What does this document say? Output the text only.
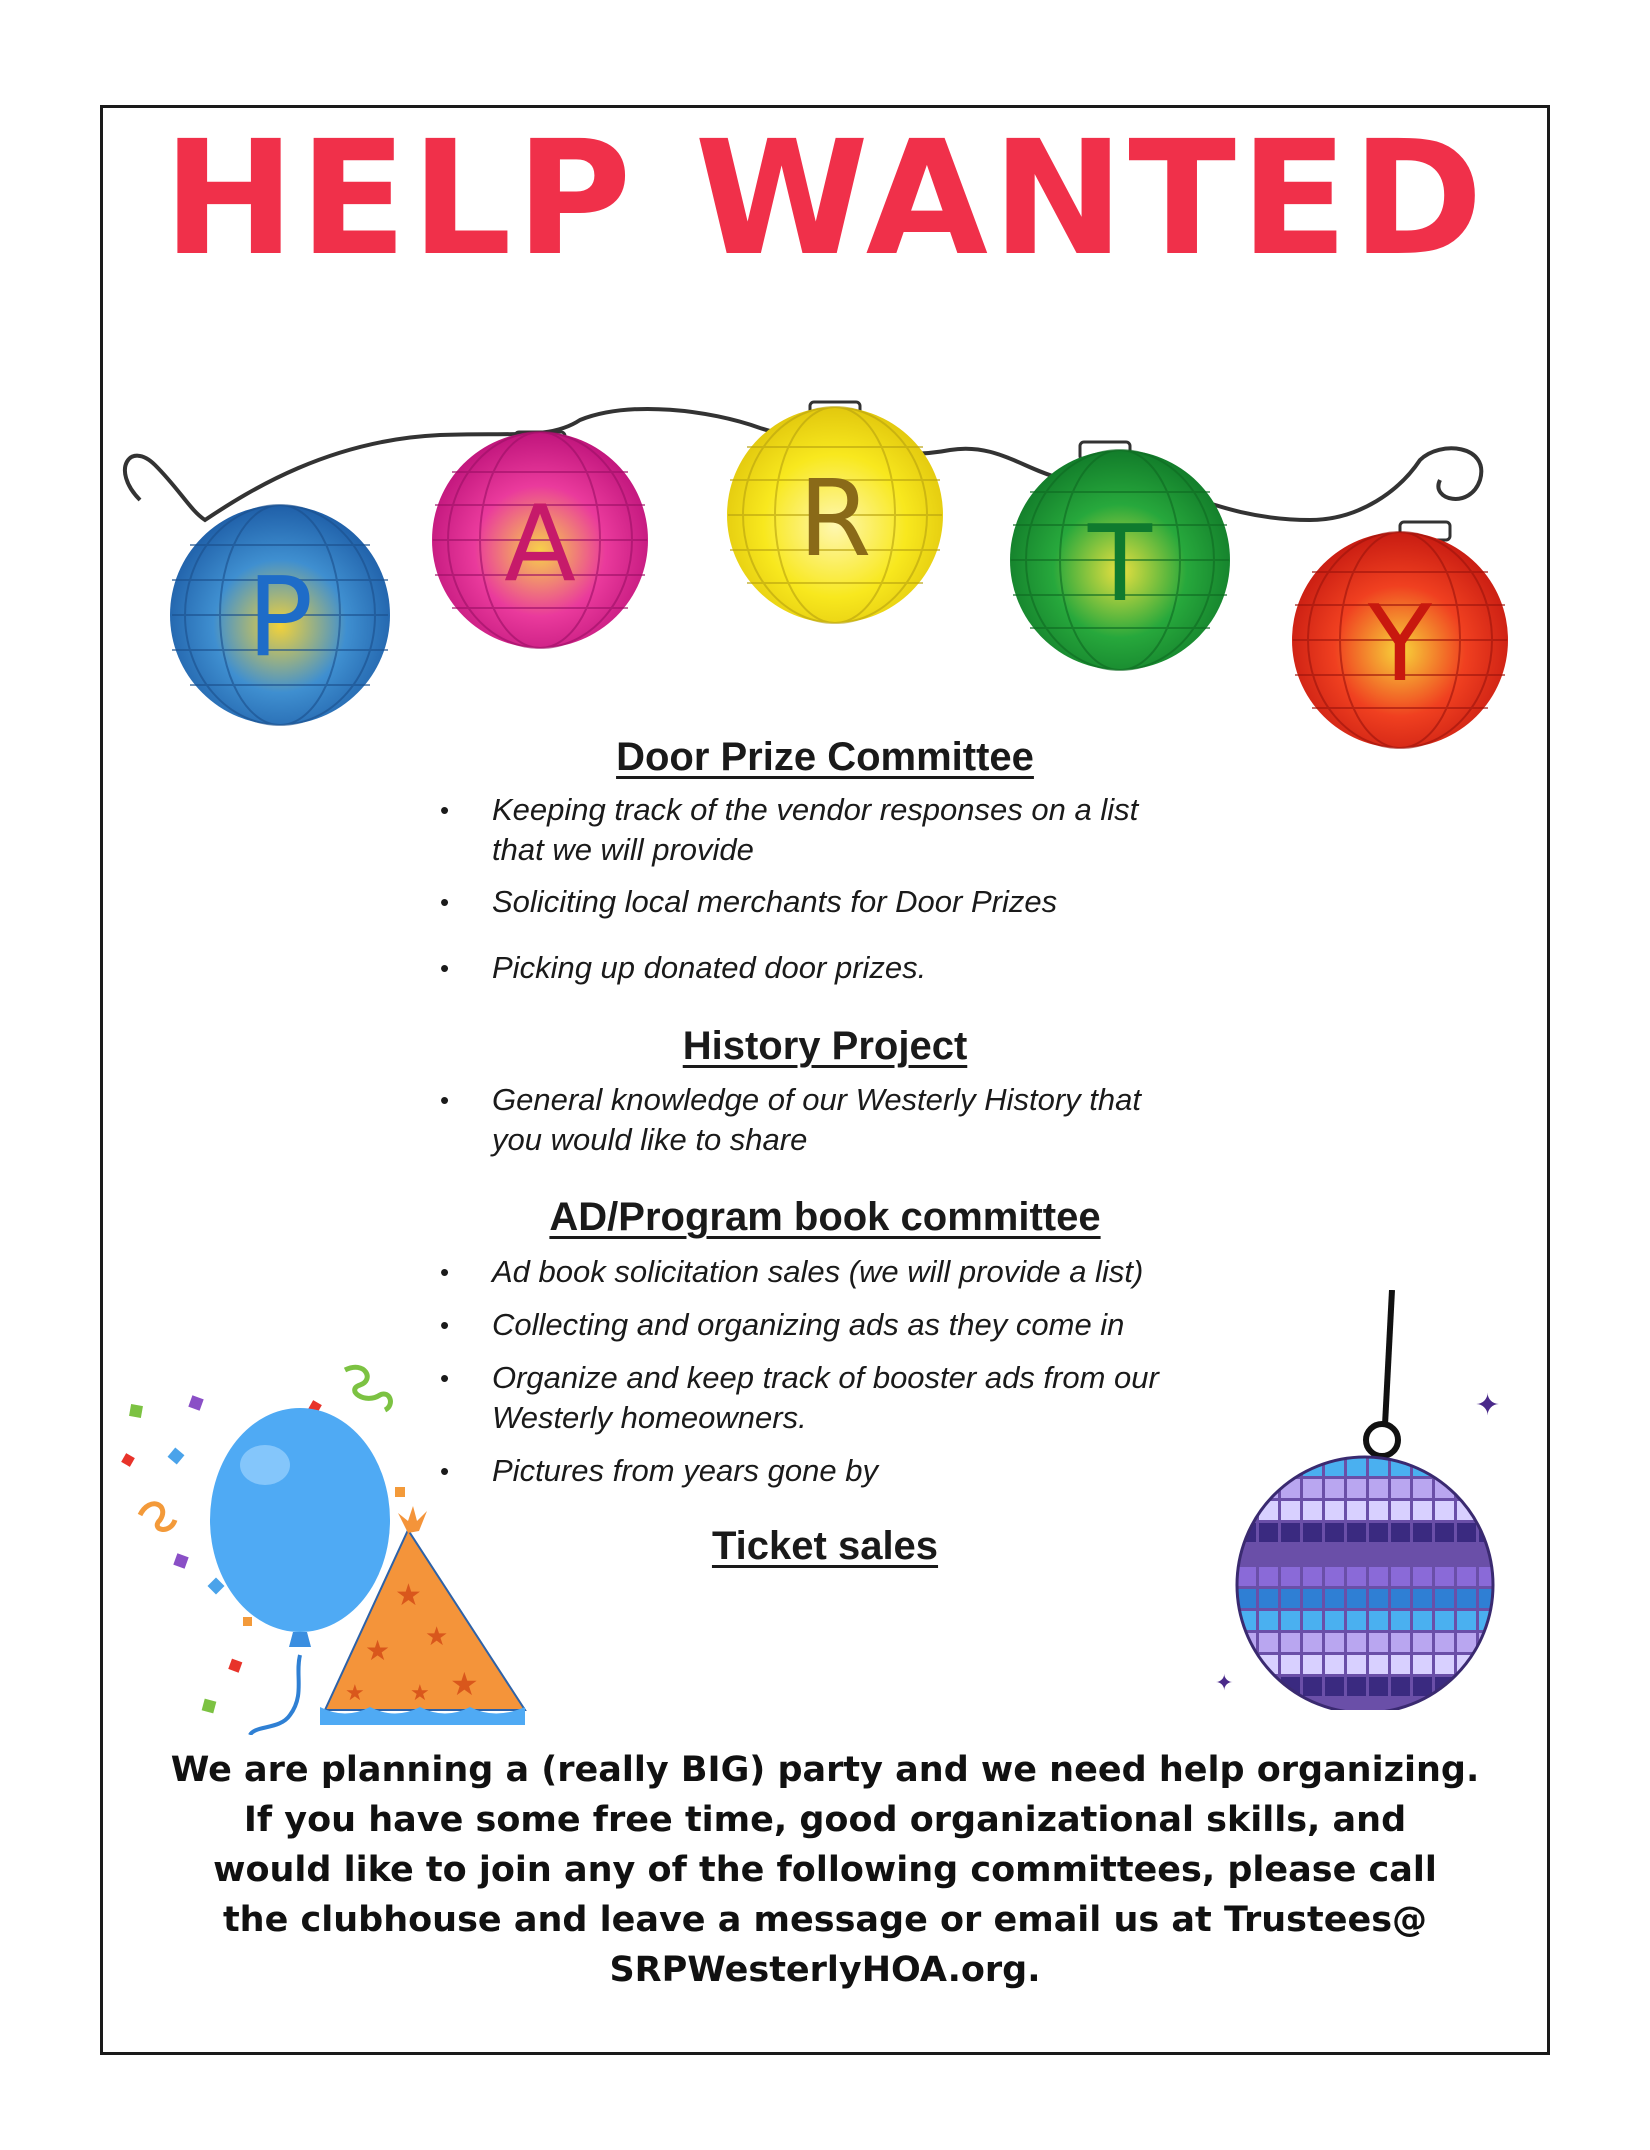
HELP WANTED
P
A R T
Y
Door Prize Committee
• Keeping track of the vendor responses on a list that we will provide
• Soliciting local merchants for Door Prizes
• Picking up donated door prizes.
History Project
• General knowledge of our Westerly History that you would like to share
AD/Program book committee
• Ad book solicitation sales (we will provide a list)
• Collecting and organizing ads as they come in
• Organize and keep track of booster ads from our Westerly homeowners.
• Pictures from years gone by
Ticket sales
★
★ ★
★
★ ★
✦
✦
We are planning a (really BIG) party and we need help organizing.
If you have some free time, good organizational skills, and
would like to join any of the following committees, please call
the clubhouse and leave a message or email us at Trustees@
SRPWesterlyHOA.org.
